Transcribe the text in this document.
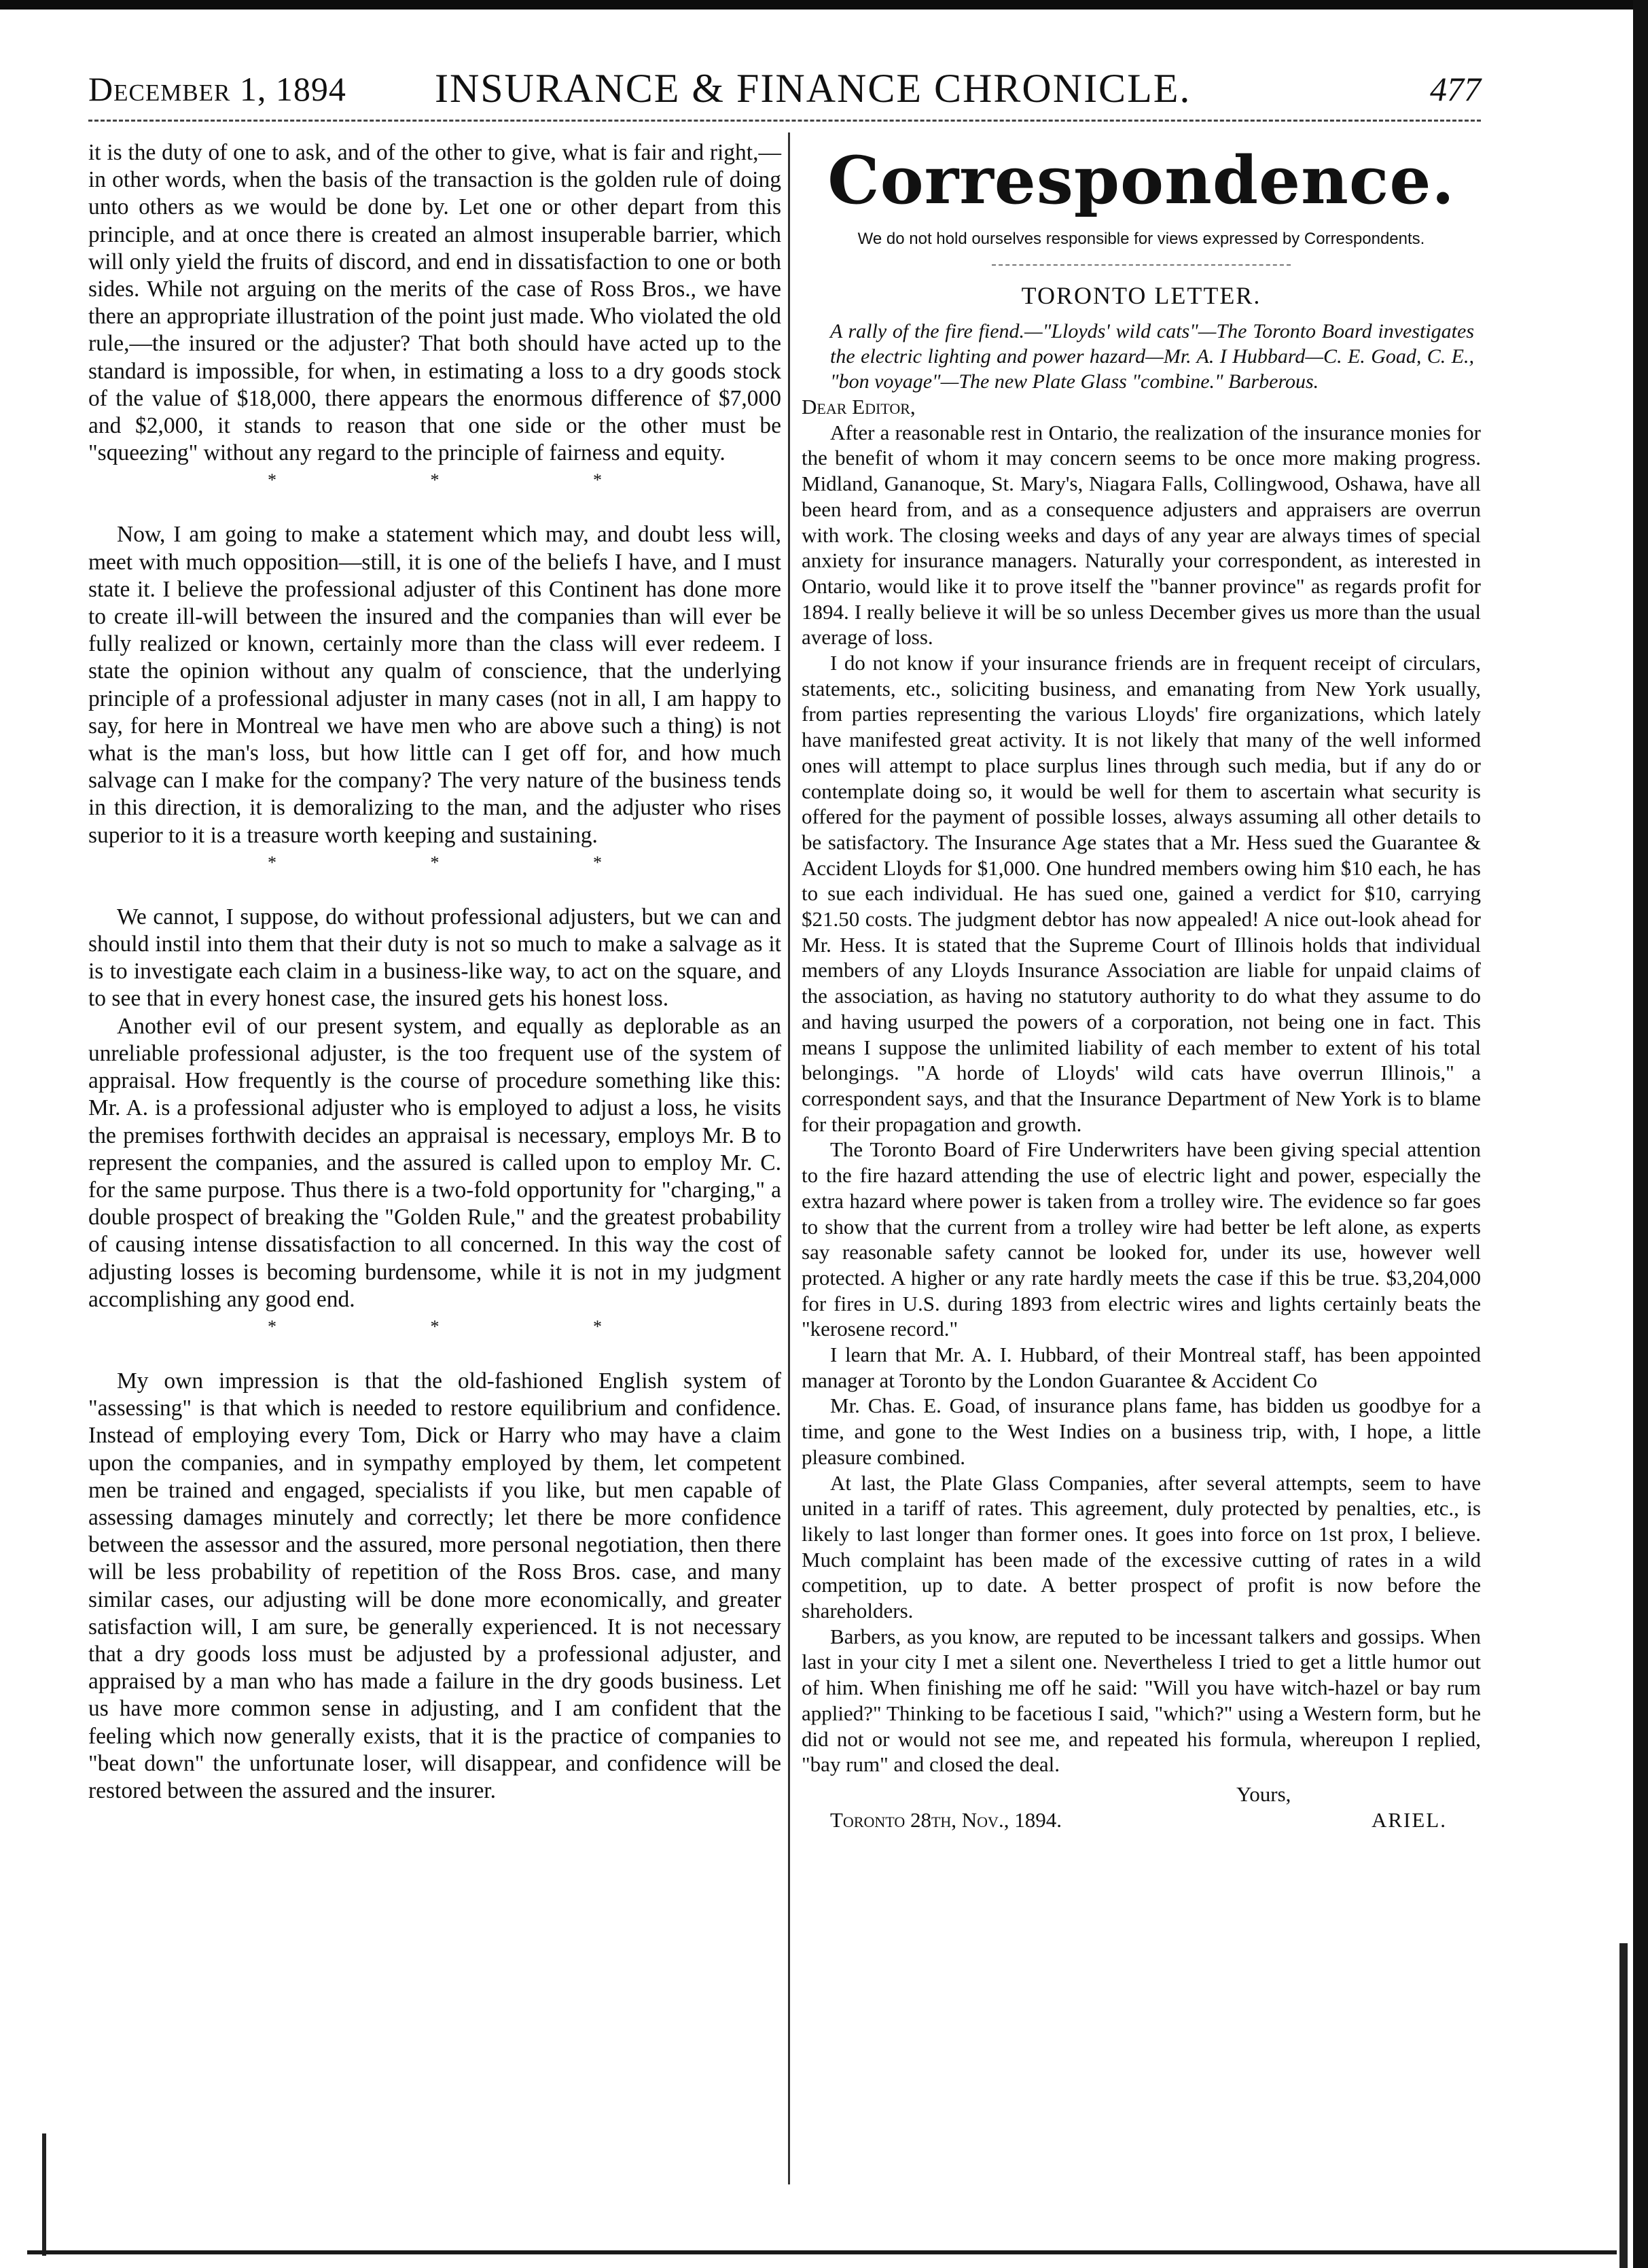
December 1, 1894 INSURANCE & FINANCE CHRONICLE.	477

it is the duty of one to ask, and of the other to give, what is fair and right,—in other words, when the basis of the transaction is the golden rule of doing unto others as we would be done by. Let one or other depart from this principle, and at once there is created an almost insuperable barrier, which will only yield the fruits of discord, and end in dissatisfaction to one or both sides. While not arguing on the merits of the case of Ross Bros., we have there an appropriate illustration of the point just made. Who violated the old rule,—the insured or the adjuster? That both should have acted up to the standard is impossible, for when, in estimating a loss to a dry goods stock of the value of $18,000, there appears the enormous difference of $7,000 and $2,000, it stands to reason that one side or the other must be "squeezing" without any regard to the principle of fairness and equity.

* * *

Now, I am going to make a statement which may, and doubt less will, meet with much opposition—still, it is one of the beliefs I have, and I must state it. I believe the professional adjuster of this Continent has done more to create ill-will between the insured and the companies than will ever be fully realized or known, certainly more than the class will ever redeem. I state the opinion without any qualm of conscience, that the underlying principle of a professional adjuster in many cases (not in all, I am happy to say, for here in Montreal we have men who are above such a thing) is not what is the man's loss, but how little can I get off for, and how much salvage can I make for the company? The very nature of the business tends in this direction, it is demoralizing to the man, and the adjuster who rises superior to it is a treasure worth keeping and sustaining.

* * *

We cannot, I suppose, do without professional adjusters, but we can and should instil into them that their duty is not so much to make a salvage as it is to investigate each claim in a business-like way, to act on the square, and to see that in every honest case, the insured gets his honest loss.

Another evil of our present system, and equally as deplorable as an unreliable professional adjuster, is the too frequent use of the system of appraisal. How frequently is the course of procedure something like this: Mr. A. is a professional adjuster who is employed to adjust a loss, he visits the premises forthwith decides an appraisal is necessary, employs Mr. B to represent the companies, and the assured is called upon to employ Mr. C. for the same purpose. Thus there is a two-fold opportunity for "charging," a double prospect of breaking the "Golden Rule," and the greatest probability of causing intense dissatisfaction to all concerned. In this way the cost of adjusting losses is becoming burdensome, while it is not in my judgment accomplishing any good end.

* * *

My own impression is that the old-fashioned English system of "assessing" is that which is needed to restore equilibrium and confidence. Instead of employing every Tom, Dick or Harry who may have a claim upon the companies, and in sympathy employed by them, let competent men be trained and engaged, specialists if you like, but men capable of assessing damages minutely and correctly; let there be more confidence between the assessor and the assured, more personal negotiation, then there will be less probability of repetition of the Ross Bros. case, and many similar cases, our adjusting will be done more economically, and greater satisfaction will, I am sure, be generally experienced. It is not necessary that a dry goods loss must be adjusted by a professional adjuster, and appraised by a man who has made a failure in the dry goods business. Let us have more common sense in adjusting, and I am confident that the feeling which now generally exists, that it is the practice of companies to "beat down" the unfortunate loser, will disappear, and confidence will be restored between the assured and the insurer.

Correspondence.
We do not hold ourselves responsible for views expressed by Correspondents.
TORONTO LETTER.

A rally of the fire fiend.—"Lloyds' wild cats"—The Toronto Board investigates the electric lighting and power hazard—Mr. A. I Hubbard—C. E. Goad, C. E., "bon voyage"—The new Plate Glass "combine." Barberous.

Dear Editor,

After a reasonable rest in Ontario, the realization of the insurance monies for the benefit of whom it may concern seems to be once more making progress. Midland, Gananoque, St. Mary's, Niagara Falls, Collingwood, Oshawa, have all been heard from, and as a consequence adjusters and appraisers are overrun with work. The closing weeks and days of any year are always times of special anxiety for insurance managers. Naturally your correspondent, as interested in Ontario, would like it to prove itself the "banner province" as regards profit for 1894. I really believe it will be so unless December gives us more than the usual average of loss.

I do not know if your insurance friends are in frequent receipt of circulars, statements, etc., soliciting business, and emanating from New York usually, from parties representing the various Lloyds' fire organizations, which lately have manifested great activity. It is not likely that many of the well informed ones will attempt to place surplus lines through such media, but if any do or contemplate doing so, it would be well for them to ascertain what security is offered for the payment of possible losses, always assuming all other details to be satisfactory. The Insurance Age states that a Mr. Hess sued the Guarantee & Accident Lloyds for $1,000. One hundred members owing him $10 each, he has to sue each individual. He has sued one, gained a verdict for $10, carrying $21.50 costs. The judgment debtor has now appealed! A nice out-look ahead for Mr. Hess. It is stated that the Supreme Court of Illinois holds that individual members of any Lloyds Insurance Association are liable for unpaid claims of the association, as having no statutory authority to do what they assume to do and having usurped the powers of a corporation, not being one in fact. This means I suppose the unlimited liability of each member to extent of his total belongings. "A horde of Lloyds' wild cats have overrun Illinois," a correspondent says, and that the Insurance Department of New York is to blame for their propagation and growth.

The Toronto Board of Fire Underwriters have been giving special attention to the fire hazard attending the use of electric light and power, especially the extra hazard where power is taken from a trolley wire. The evidence so far goes to show that the current from a trolley wire had better be left alone, as experts say reasonable safety cannot be looked for, under its use, however well protected. A higher or any rate hardly meets the case if this be true. $3,204,000 for fires in U.S. during 1893 from electric wires and lights certainly beats the "kerosene record."

I learn that Mr. A. I. Hubbard, of their Montreal staff, has been appointed manager at Toronto by the London Guarantee & Accident Co

Mr. Chas. E. Goad, of insurance plans fame, has bidden us goodbye for a time, and gone to the West Indies on a business trip, with, I hope, a little pleasure combined.

At last, the Plate Glass Companies, after several attempts, seem to have united in a tariff of rates. This agreement, duly protected by penalties, etc., is likely to last longer than former ones. It goes into force on 1st prox, I believe. Much complaint has been made of the excessive cutting of rates in a wild competition, up to date. A better prospect of profit is now before the shareholders.

Barbers, as you know, are reputed to be incessant talkers and gossips. When last in your city I met a silent one. Nevertheless I tried to get a little humor out of him. When finishing me off he said: "Will you have witch-hazel or bay rum applied?" Thinking to be facetious I said, "which?" using a Western form, but he did not or would not see me, and repeated his formula, whereupon I replied, "bay rum" and closed the deal.

Yours,
Toronto 28th, Nov., 1894.	ARIEL.
